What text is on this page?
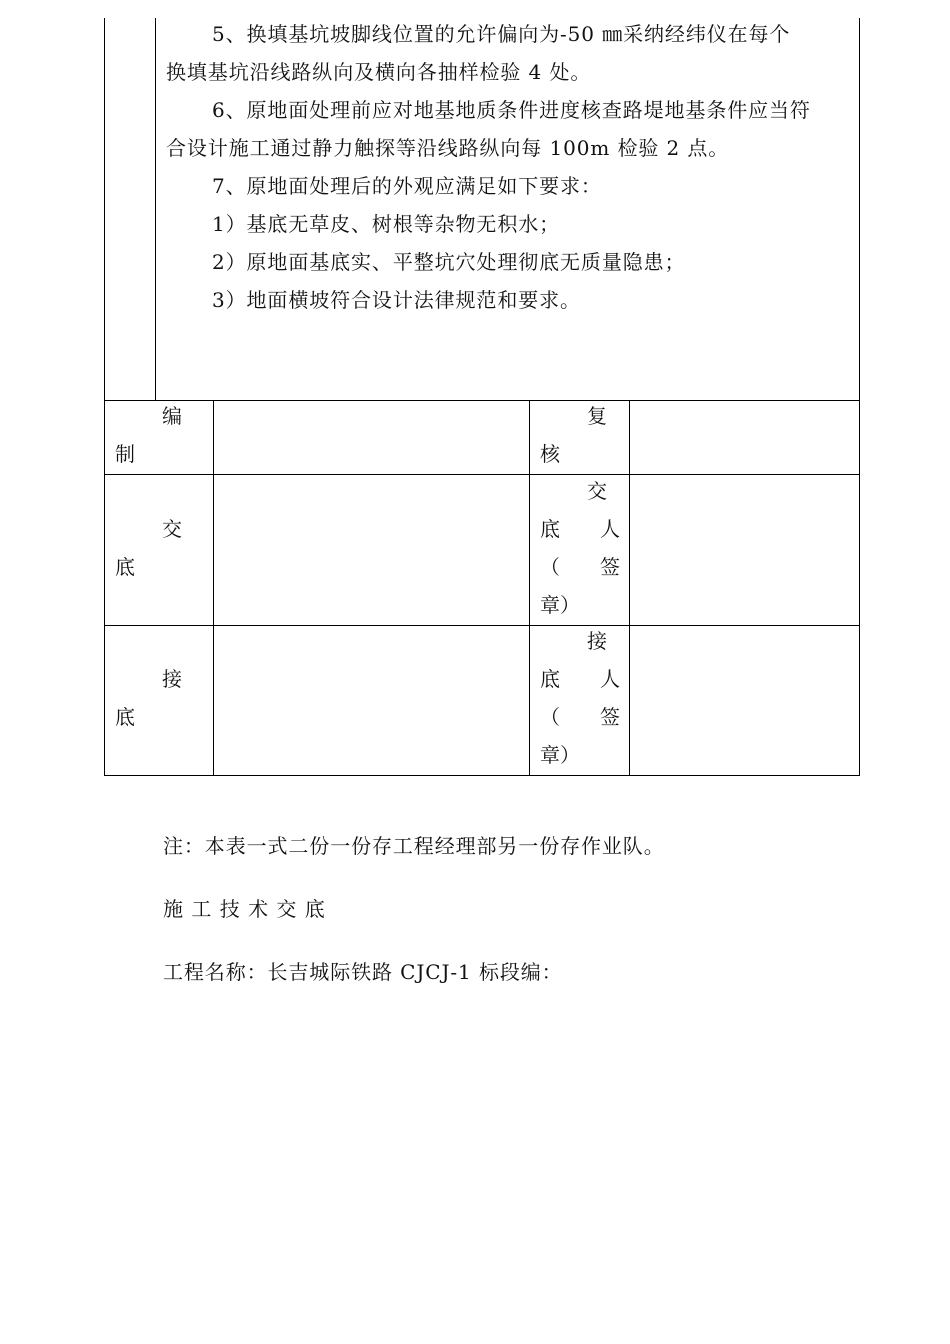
5、换填基坑坡脚线位置的允许偏向为-50 ㎜采纳经纬仪在每个
换填基坑沿线路纵向及横向各抽样检验 4 处。
6、原地面处理前应对地基地质条件进度核查路堤地基条件应当符
合设计施工通过静力触探等沿线路纵向每 100m 检验 2 点。
7、原地面处理后的外观应满足如下要求：
1）基底无草皮、树根等杂物无积水；
2）原地面基底实、平整坑穴处理彻底无质量隐患；
3）地面横坡符合设计法律规范和要求。
编
制
复
核
交
底
交
底 人
（ 签
章）
接
底
接
底 人
（ 签
章）
注：本表一式二份一份存工程经理部另一份存作业队。
施 工 技 术 交 底
工程名称：长吉城际铁路 CJCJ-1 标段编：
